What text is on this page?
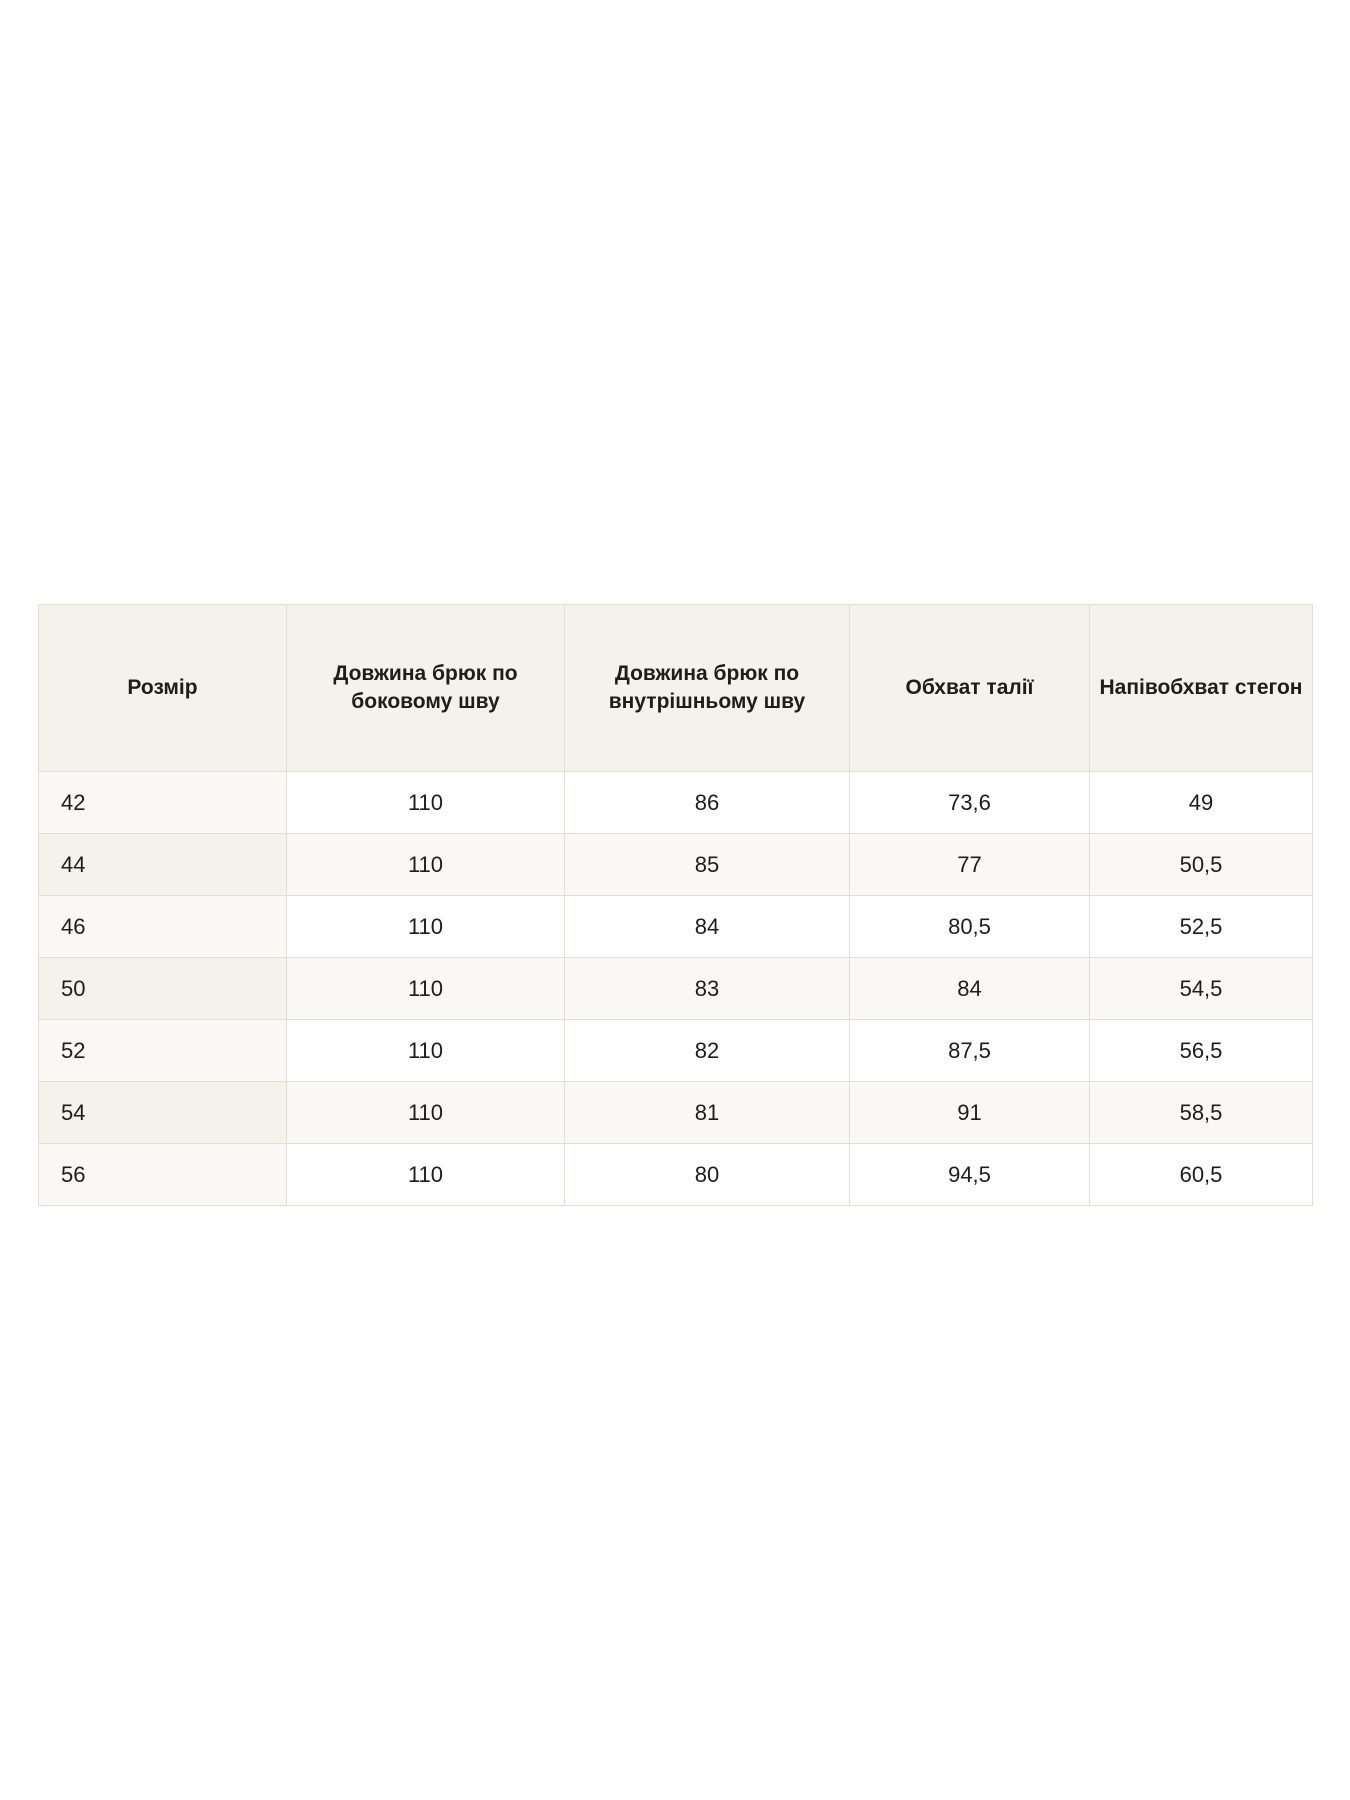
Розмір	Довжина брюк по боковому шву	Довжина брюк по внутрішньому шву	Обхват талії	Напівобхват стегон
42	110	86	73,6	49
44	110	85	77	50,5
46	110	84	80,5	52,5
50	110	83	84	54,5
52	110	82	87,5	56,5
54	110	81	91	58,5
56	110	80	94,5	60,5
